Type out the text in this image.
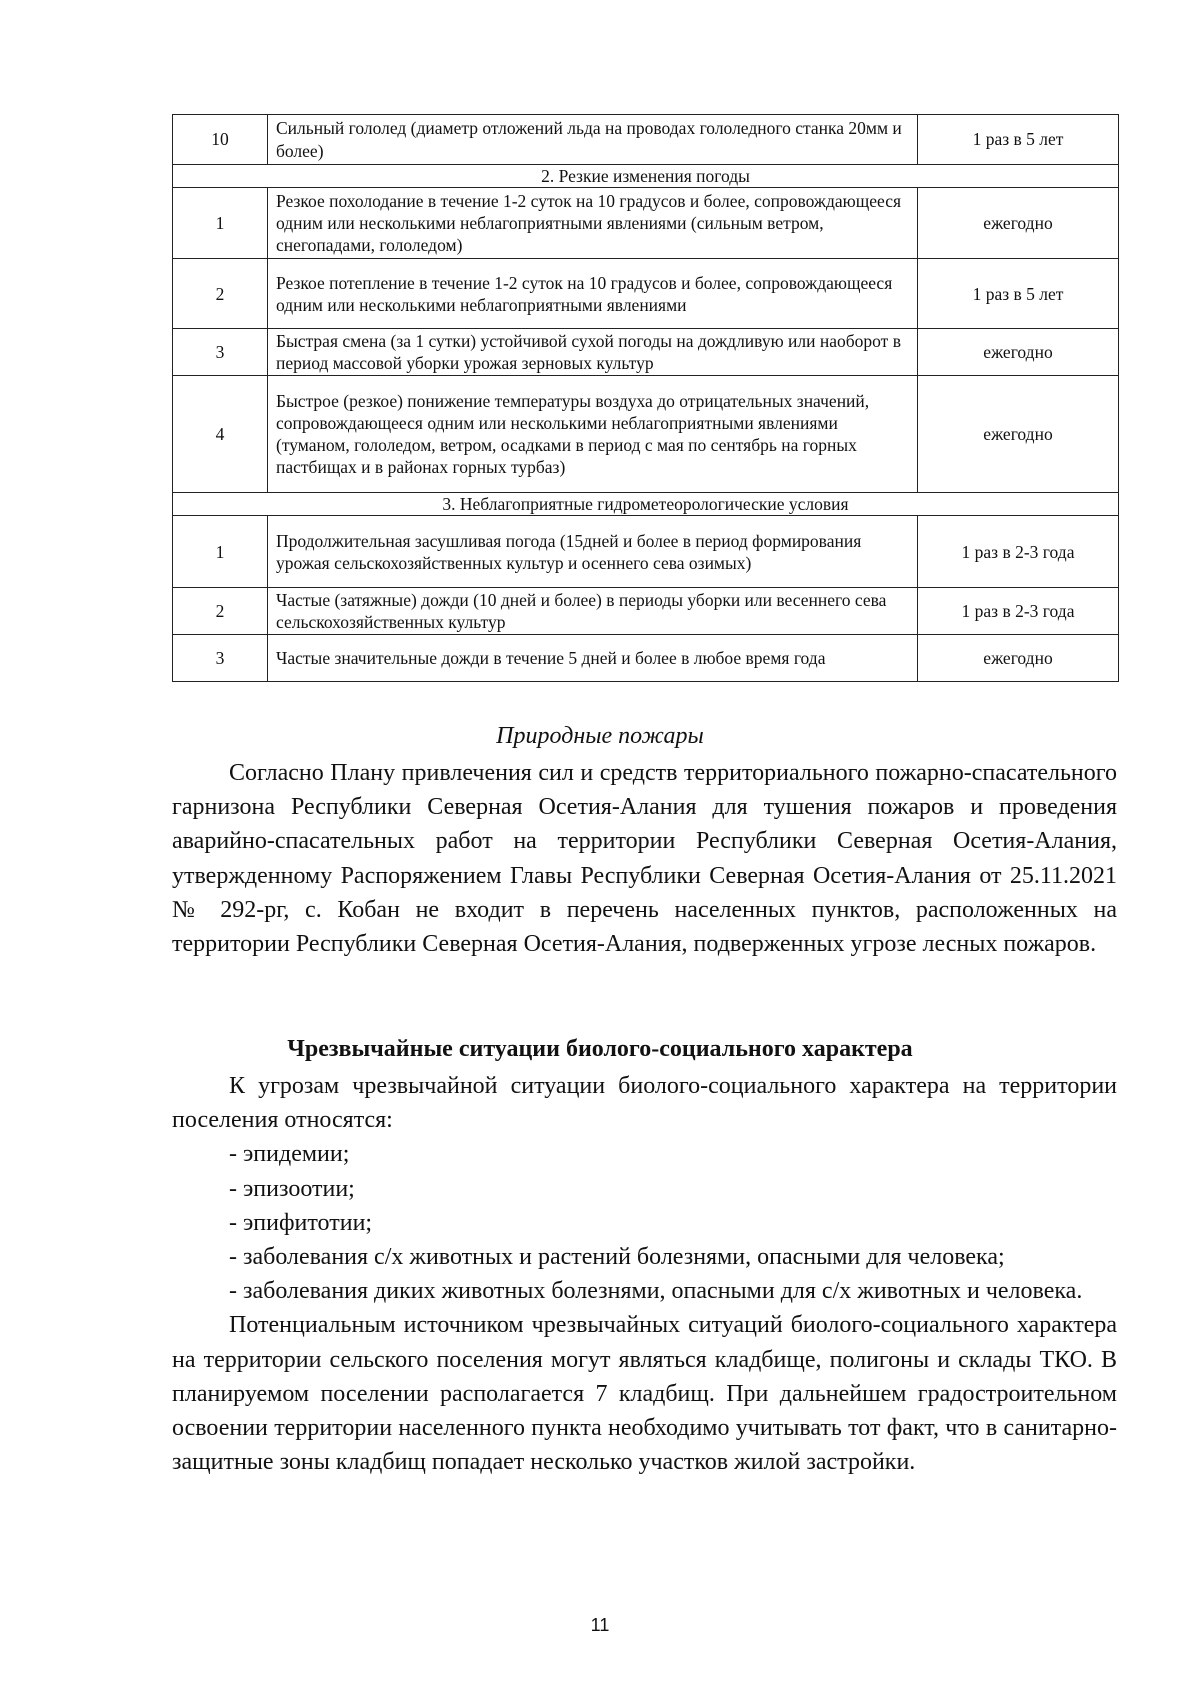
10	Сильный гололед (диаметр отложений льда на проводах гололедного станка 20мм и более)	1 раз в 5 лет
2. Резкие изменения погоды		
1	Резкое похолодание в течение 1-2 суток на 10 градусов и более, сопровождающееся одним или несколькими неблагоприятными явлениями (сильным ветром, снегопадами, гололедом)	ежегодно
2	Резкое потепление в течение 1-2 суток на 10 градусов и более, сопровождающееся одним или несколькими неблагоприятными явлениями	1 раз в 5 лет
3	Быстрая смена (за 1 сутки) устойчивой сухой погоды на дождливую или наоборот в период массовой уборки урожая зерновых культур	ежегодно
4	Быстрое (резкое) понижение температуры воздуха до отрицательных значений, сопровождающееся одним или несколькими неблагоприятными явлениями (туманом, гололедом, ветром, осадками в период с мая по сентябрь на горных пастбищах и в районах горных турбаз)	ежегодно
3. Неблагоприятные гидрометеорологические условия		
1	Продолжительная засушливая погода (15дней и более в период формирования урожая сельскохозяйственных культур и осеннего сева озимых)	1 раз в 2-3 года
2	Частые (затяжные) дожди (10 дней и более) в периоды уборки или весеннего сева сельскохозяйственных культур	1 раз в 2-3 года
3	Частые значительные дожди в течение 5 дней и более в любое время года	ежегодно
Природные пожары

Согласно Плану привлечения сил и средств территориального пожарно-спасательного гарнизона Республики Северная Осетия-Алания для тушения пожаров и проведения аварийно-спасательных работ на территории Республики Северная Осетия-Алания, утвержденному Распоряжением Главы Республики Северная Осетия-Алания от 25.11.2021 № 292-рг, с. Кобан не входит в перечень населенных пунктов, расположенных на территории Республики Северная Осетия-Алания, подверженных угрозе лесных пожаров.

Чрезвычайные ситуации биолого-социального характера

К угрозам чрезвычайной ситуации биолого-социального характера на территории поселения относятся:

- эпидемии;

- эпизоотии;

- эпифитотии;

- заболевания с/х животных и растений болезнями, опасными для человека;

- заболевания диких животных болезнями, опасными для с/х животных и человека.

Потенциальным источником чрезвычайных ситуаций биолого-социального характера на территории сельского поселения могут являться кладбище, полигоны и склады ТКО. В планируемом поселении располагается 7 кладбищ. При дальнейшем градостроительном освоении территории населенного пункта необходимо учитывать тот факт, что в санитарно-защитные зоны кладбищ попадает несколько участков жилой застройки.

11
